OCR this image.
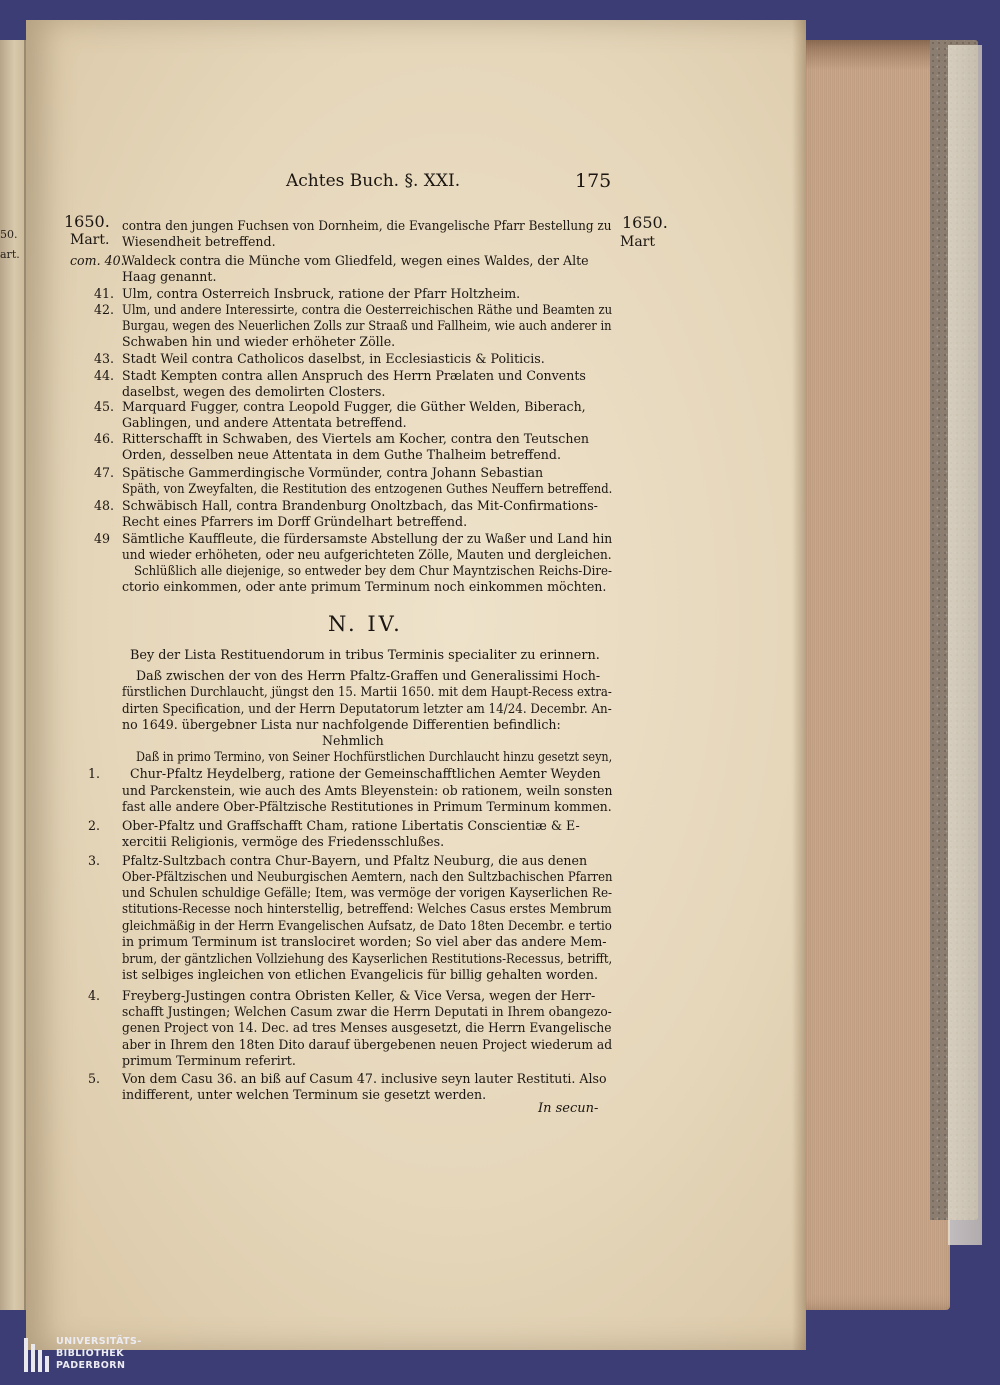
50.
art.
Achtes Buch. §. XXI.	175
1650.
Mart.
1650.
Mart
com. 40.
41.
42.
43.
44.
45.
46.
47.
48.
49
1.
2.
3.
4.
5.
contra den jungen Fuchsen von Dornheim, die Evangelische Pfarr Bestellung zu
Wiesendheit betreffend.
Waldeck contra die Münche vom Gliedfeld, wegen eines Waldes, der Alte
Haag genannt.
Ulm, contra Osterreich Insbruck, ratione der Pfarr Holtzheim.
Ulm, und andere Interessirte, contra die Oesterreichischen Räthe und Beamten zu
Burgau, wegen des Neuerlichen Zolls zur Straaß und Fallheim, wie auch anderer in
Schwaben hin und wieder erhöheter Zölle.
Stadt Weil contra Catholicos daselbst, in Ecclesiasticis & Politicis.
Stadt Kempten contra allen Anspruch des Herrn Prælaten und Convents
daselbst, wegen des demolirten Closters.
Marquard Fugger, contra Leopold Fugger, die Güther Welden, Biberach,
Gablingen, und andere Attentata betreffend.
Ritterschafft in Schwaben, des Viertels am Kocher, contra den Teutschen
Orden, desselben neue Attentata in dem Guthe Thalheim betreffend.
Spätische Gammerdingische Vormünder, contra Johann Sebastian
Späth, von Zweyfalten, die Restitution des entzogenen Guthes Neuffern betreffend.
Schwäbisch Hall, contra Brandenburg Onoltzbach, das Mit-Confirmations-
Recht eines Pfarrers im Dorff Gründelhart betreffend.
Sämtliche Kauffleute, die fürdersamste Abstellung der zu Waßer und Land hin
und wieder erhöheten, oder neu aufgerichteten Zölle, Mauten und dergleichen.
Schlüßlich alle diejenige, so entweder bey dem Chur Mayntzischen Reichs-Dire-
ctorio einkommen, oder ante primum Terminum noch einkommen möchten.
N. IV.
Bey der Lista Restituendorum in tribus Terminis specialiter zu erinnern.
Daß zwischen der von des Herrn Pfaltz-Graffen und Generalissimi Hoch-
fürstlichen Durchlaucht, jüngst den 15. Martii 1650. mit dem Haupt-Recess extra-
dirten Specification, und der Herrn Deputatorum letzter am 14/24. Decembr. An-
no 1649. übergebner Lista nur nachfolgende Differentien befindlich:
Nehmlich
Daß in primo Termino, von Seiner Hochfürstlichen Durchlaucht hinzu gesetzt seyn,
Chur-Pfaltz Heydelberg, ratione der Gemeinschafftlichen Aemter Weyden
und Parckenstein, wie auch des Amts Bleyenstein: ob rationem, weiln sonsten
fast alle andere Ober-Pfältzische Restitutiones in Primum Terminum kommen.
Ober-Pfaltz und Graffschafft Cham, ratione Libertatis Conscientiæ & E-
xercitii Religionis, vermöge des Friedensschlußes.
Pfaltz-Sultzbach contra Chur-Bayern, und Pfaltz Neuburg, die aus denen
Ober-Pfältzischen und Neuburgischen Aemtern, nach den Sultzbachischen Pfarren
und Schulen schuldige Gefälle; Item, was vermöge der vorigen Kayserlichen Re-
stitutions-Recesse noch hinterstellig, betreffend: Welches Casus erstes Membrum
gleichmäßig in der Herrn Evangelischen Aufsatz, de Dato 18ten Decembr. e tertio
in primum Terminum ist translociret worden; So viel aber das andere Mem-
brum, der gäntzlichen Vollziehung des Kayserlichen Restitutions-Recessus, betrifft,
ist selbiges ingleichen von etlichen Evangelicis für billig gehalten worden.
Freyberg-Justingen contra Obristen Keller, & Vice Versa, wegen der Herr-
schafft Justingen; Welchen Casum zwar die Herrn Deputati in Ihrem obangezo-
genen Project von 14. Dec. ad tres Menses ausgesetzt, die Herrn Evangelische
aber in Ihrem den 18ten Dito darauf übergebenen neuen Project wiederum ad
primum Terminum referirt.
Von dem Casu 36. an biß auf Casum 47. inclusive seyn lauter Restituti. Also
indifferent, unter welchen Terminum sie gesetzt werden.
In secun-
UNIVERSITÄTS-
BIBLIOTHEK
PADERBORN
